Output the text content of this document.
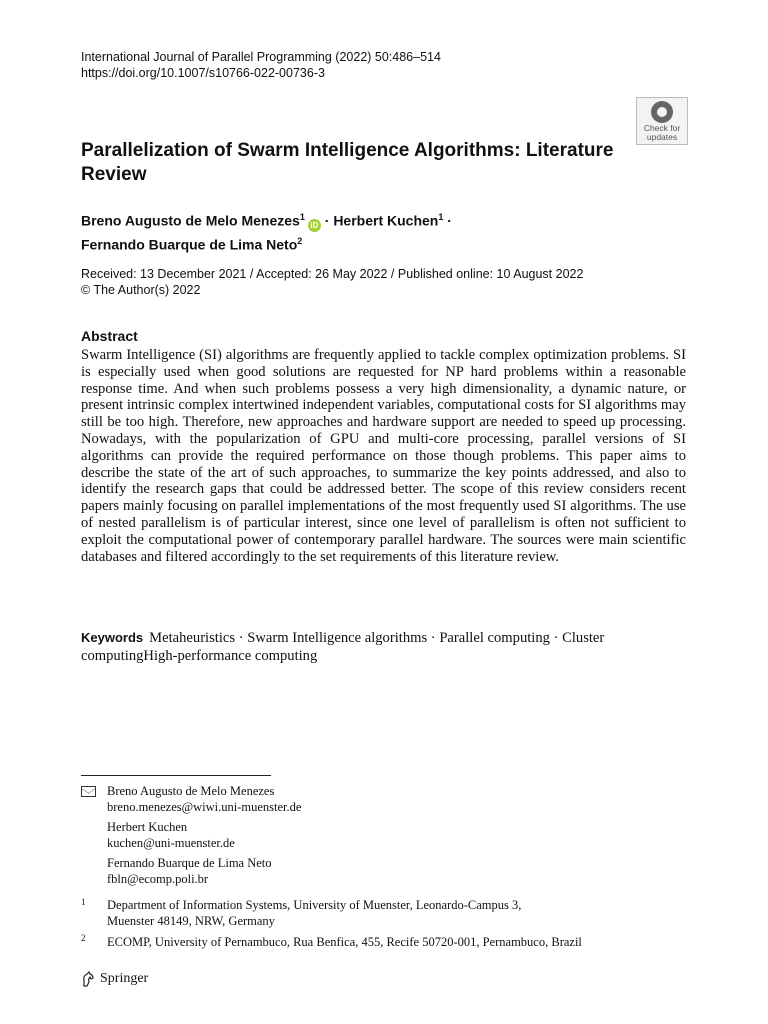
International Journal of Parallel Programming (2022) 50:486–514
https://doi.org/10.1007/s10766-022-00736-3
Check for
updates
Parallelization of Swarm Intelligence Algorithms: Literature Review
Breno Augusto de Melo Menezes$^1$iD · Herbert Kuchen$^1$ ·
Fernando Buarque de Lima Neto$^2$
Received: 13 December 2021 / Accepted: 26 May 2022 / Published online: 10 August 2022
© The Author(s) 2022
Abstract
Swarm Intelligence (SI) algorithms are frequently applied to tackle complex optimization problems. SI is especially used when good solutions are requested for NP hard problems within a reasonable response time. And when such problems possess a very high dimensionality, a dynamic nature, or present intrinsic complex intertwined independent variables, computational costs for SI algorithms may still be too high. Therefore, new approaches and hardware support are needed to speed up processing. Nowadays, with the popularization of GPU and multi-core processing, parallel versions of SI algorithms can provide the required performance on those though problems. This paper aims to describe the state of the art of such approaches, to summarize the key points addressed, and also to identify the research gaps that could be addressed better. The scope of this review considers recent papers mainly focusing on parallel implementations of the most frequently used SI algorithms. The use of nested parallelism is of particular interest, since one level of parallelism is often not sufficient to exploit the computational power of contemporary parallel hardware. The sources were main scientific databases and filtered accordingly to the set requirements of this literature review.
Keywords Metaheuristics · Swarm Intelligence algorithms · Parallel computing · Cluster computingHigh-performance computing
Breno Augusto de Melo Menezes
breno.menezes@wiwi.uni-muenster.de
Herbert Kuchen
kuchen@uni-muenster.de
Fernando Buarque de Lima Neto
fbln@ecomp.poli.br
1 Department of Information Systems, University of Muenster, Leonardo-Campus 3,
Muenster 48149, NRW, Germany
2 ECOMP, University of Pernambuco, Rua Benfica, 455, Recife 50720-001, Pernambuco, Brazil
Springer
